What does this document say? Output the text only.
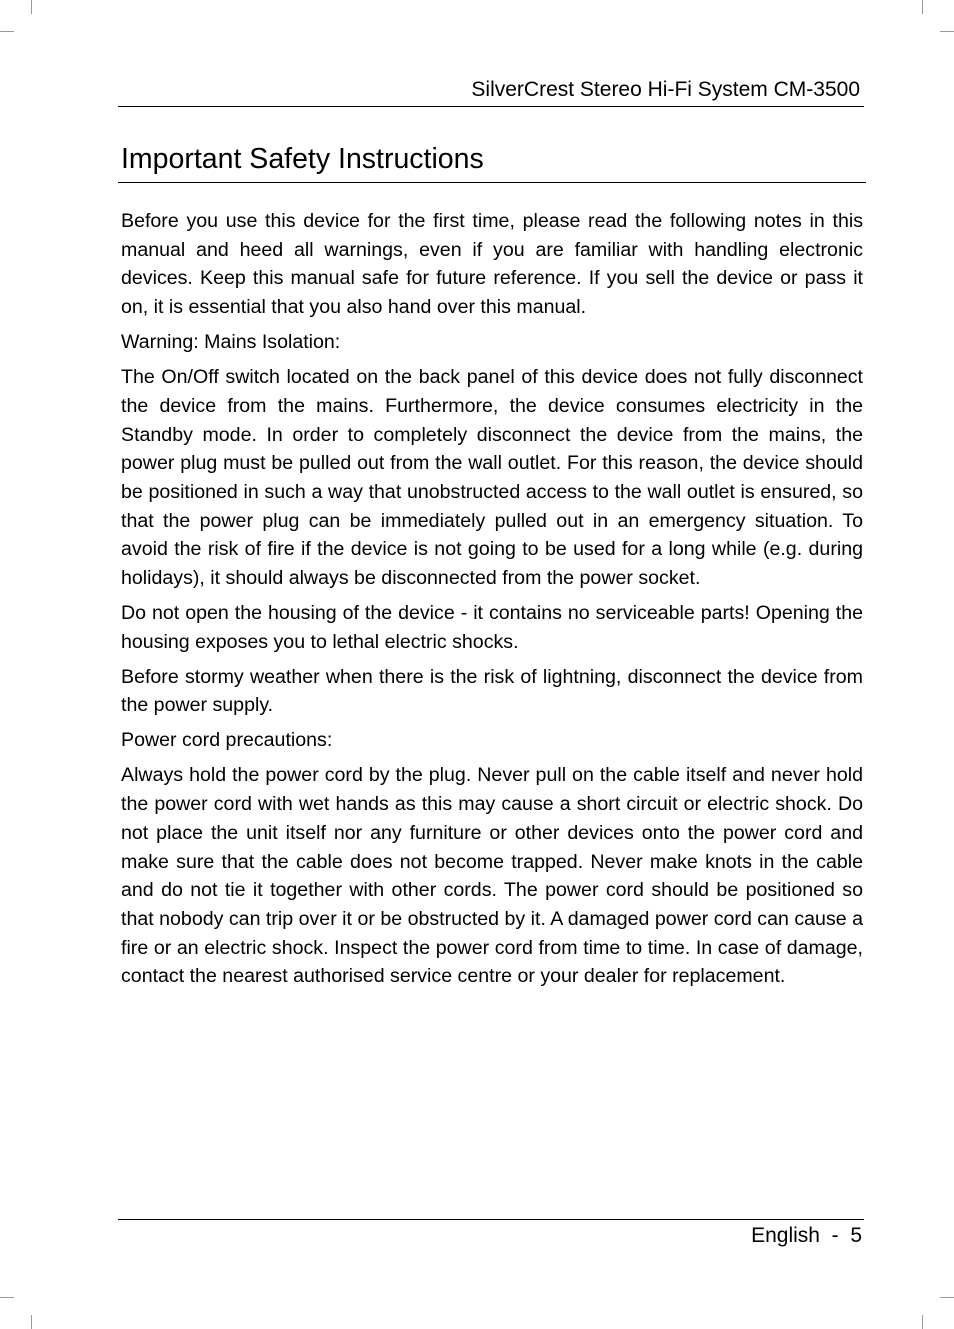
SilverCrest Stereo Hi-Fi System CM-3500
Important Safety Instructions

Before you use this device for the first time, please read the following notes in this manual and heed all warnings, even if you are familiar with handling electronic devices. Keep this manual safe for future reference. If you sell the device or pass it on, it is essential that you also hand over this manual.

Warning: Mains Isolation:

The On/Off switch located on the back panel of this device does not fully disconnect the device from the mains. Furthermore, the device consumes electricity in the Standby mode. In order to completely disconnect the device from the mains, the power plug must be pulled out from the wall outlet. For this reason, the device should be positioned in such a way that unobstructed access to the wall outlet is ensured, so that the power plug can be immediately pulled out in an emergency situation. To avoid the risk of fire if the device is not going to be used for a long while (e.g. during holidays), it should always be disconnected from the power socket.

Do not open the housing of the device - it contains no serviceable parts! Opening the housing exposes you to lethal electric shocks.

Before stormy weather when there is the risk of lightning, disconnect the device from the power supply.

Power cord precautions:

Always hold the power cord by the plug. Never pull on the cable itself and never hold the power cord with wet hands as this may cause a short circuit or electric shock. Do not place the unit itself nor any furniture or other devices onto the power cord and make sure that the cable does not become trapped. Never make knots in the cable and do not tie it together with other cords. The power cord should be positioned so that nobody can trip over it or be obstructed by it. A damaged power cord can cause a fire or an electric shock. Inspect the power cord from time to time. In case of damage, contact the nearest authorised service centre or your dealer for replacement.

English - 5
